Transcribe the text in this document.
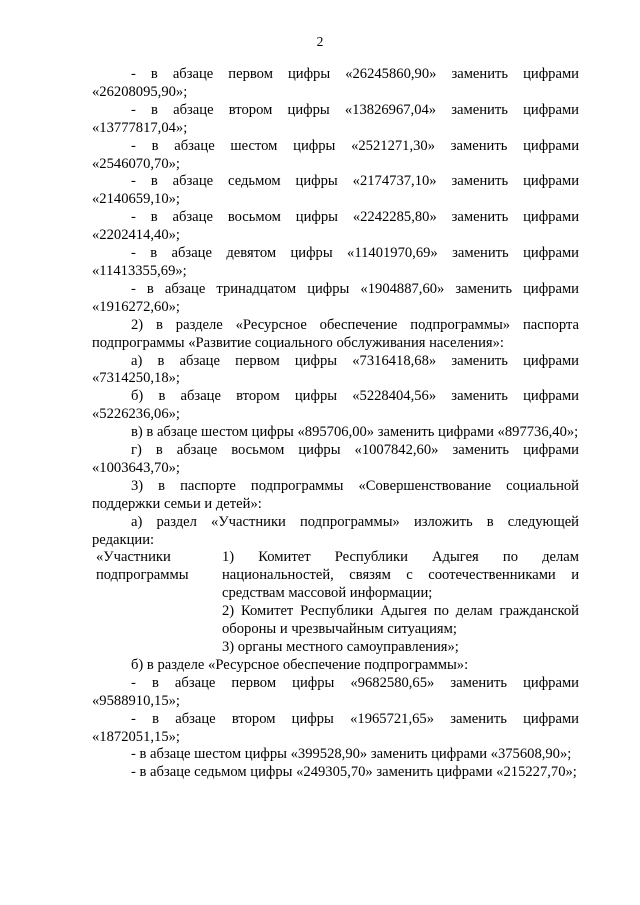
2

- в абзаце первом цифры «26245860,90» заменить цифрами «26208095,90»;

- в абзаце втором цифры «13826967,04» заменить цифрами «13777817,04»;

- в абзаце шестом цифры «2521271,30» заменить цифрами «2546070,70»;

- в абзаце седьмом цифры «2174737,10» заменить цифрами «2140659,10»;

- в абзаце восьмом цифры «2242285,80» заменить цифрами «2202414,40»;

- в абзаце девятом цифры «11401970,69» заменить цифрами «11413355,69»;

- в абзаце тринадцатом цифры «1904887,60» заменить цифрами «1916272,60»;

2) в разделе «Ресурсное обеспечение подпрограммы» паспорта подпрограммы «Развитие социального обслуживания населения»:

а) в абзаце первом цифры «7316418,68» заменить цифрами «7314250,18»;

б) в абзаце втором цифры «5228404,56» заменить цифрами «5226236,06»;

в) в абзаце шестом цифры «895706,00» заменить цифрами «897736,40»;

г) в абзаце восьмом цифры «1007842,60» заменить цифрами «1003643,70»;

3) в паспорте подпрограммы «Совершенствование социальной поддержки семьи и детей»:

а) раздел «Участники подпрограммы» изложить в следующей редакции:

«Участники подпрограммы

1) Комитет Республики Адыгея по делам национальностей, связям с соотечественниками и средствам массовой информации;

2) Комитет Республики Адыгея по делам гражданской обороны и чрезвычайным ситуациям;

3) органы местного самоуправления»;

б) в разделе «Ресурсное обеспечение подпрограммы»:

- в абзаце первом цифры «9682580,65» заменить цифрами «9588910,15»;

- в абзаце втором цифры «1965721,65» заменить цифрами «1872051,15»;

- в абзаце шестом цифры «399528,90» заменить цифрами «375608,90»;

- в абзаце седьмом цифры «249305,70» заменить цифрами «215227,70»;
